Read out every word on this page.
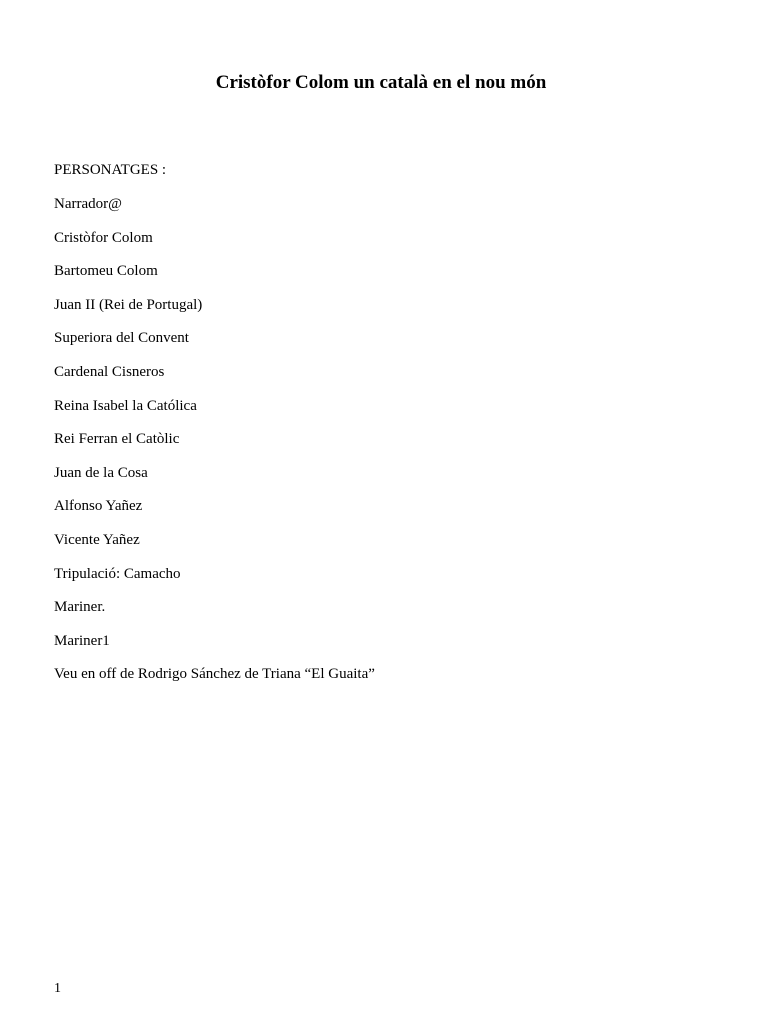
Cristòfor Colom un català en el nou món

PERSONATGES :

Narrador@
Cristòfor Colom
Bartomeu Colom
Juan II (Rei de Portugal)
Superiora del Convent
Cardenal Cisneros
Reina Isabel la Católica
Rei Ferran el Catòlic
Juan de la Cosa
Alfonso Yañez
Vicente Yañez
Tripulació: Camacho
Mariner.
Mariner1
Veu en off de Rodrigo Sánchez de Triana “El Guaita”
1
